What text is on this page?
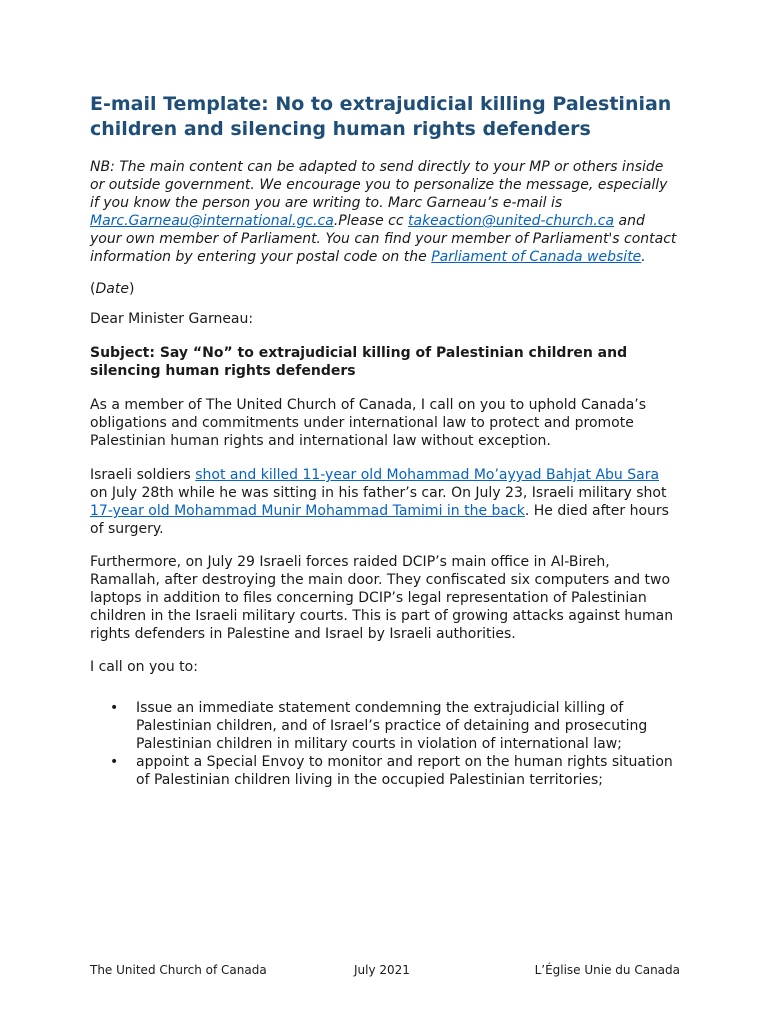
E-mail Template: No to extrajudicial killing Palestinian children and silencing human rights defenders

NB: The main content can be adapted to send directly to your MP or others inside or outside government. We encourage you to personalize the message, especially if you know the person you are writing to. Marc Garneau’s e-mail is Marc.Garneau@international.gc.ca.Please cc takeaction@united-church.ca and your own member of Parliament. You can find your member of Parliament's contact information by entering your postal code on the Parliament of Canada website.

(Date)

Dear Minister Garneau:

Subject: Say “No” to extrajudicial killing of Palestinian children and silencing human rights defenders

As a member of The United Church of Canada, I call on you to uphold Canada’s obligations and commitments under international law to protect and promote Palestinian human rights and international law without exception.

Israeli soldiers shot and killed 11-year old Mohammad Mo’ayyad Bahjat Abu Sara on July 28th while he was sitting in his father’s car. On July 23, Israeli military shot 17-year old Mohammad Munir Mohammad Tamimi in the back. He died after hours of surgery.

Furthermore, on July 29 Israeli forces raided DCIP’s main office in Al-Bireh, Ramallah, after destroying the main door. They confiscated six computers and two laptops in addition to files concerning DCIP’s legal representation of Palestinian children in the Israeli military courts. This is part of growing attacks against human rights defenders in Palestine and Israel by Israeli authorities.

I call on you to:

• Issue an immediate statement condemning the extrajudicial killing of Palestinian children, and of Israel’s practice of detaining and prosecuting Palestinian children in military courts in violation of international law;
• appoint a Special Envoy to monitor and report on the human rights situation of Palestinian children living in the occupied Palestinian territories;
The United Church of Canada	July 2021	L’Église Unie du Canada
